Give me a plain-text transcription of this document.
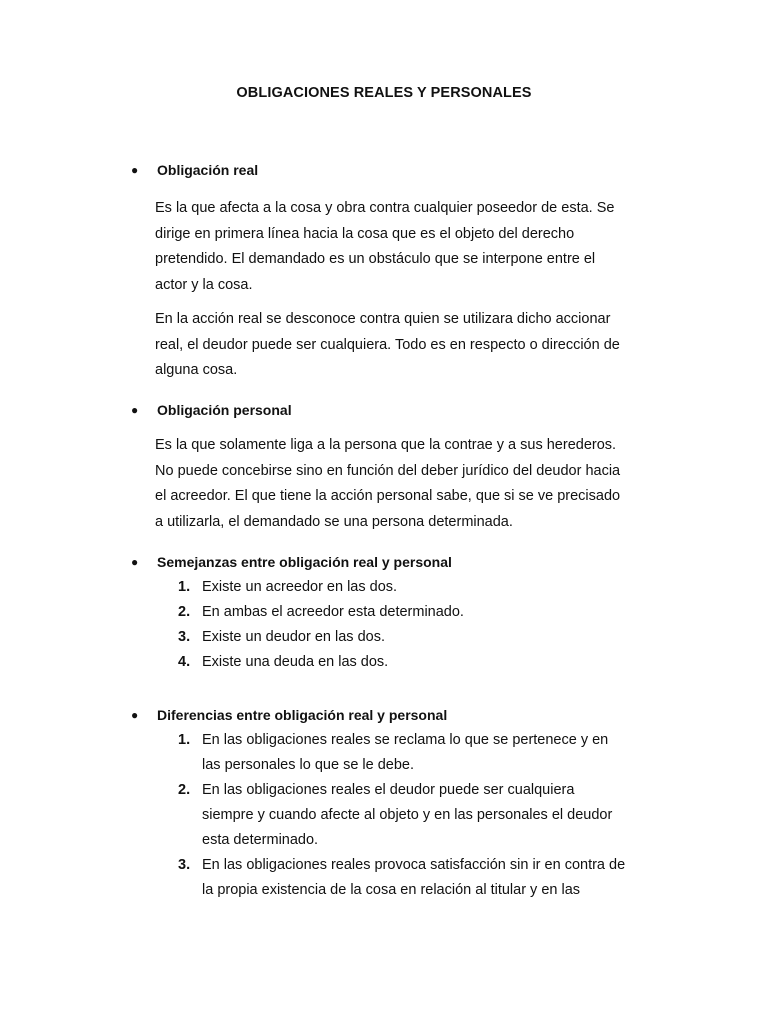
OBLIGACIONES REALES Y PERSONALES
● Obligación real
Es la que afecta a la cosa y obra contra cualquier poseedor de esta. Se
dirige en primera línea hacia la cosa que es el objeto del derecho
pretendido. El demandado es un obstáculo que se interpone entre el
actor y la cosa.
En la acción real se desconoce contra quien se utilizara dicho accionar
real, el deudor puede ser cualquiera. Todo es en respecto o dirección de
alguna cosa.
● Obligación personal
Es la que solamente liga a la persona que la contrae y a sus herederos.
No puede concebirse sino en función del deber jurídico del deudor hacia
el acreedor. El que tiene la acción personal sabe, que si se ve precisado
a utilizarla, el demandado se una persona determinada.
● Semejanzas entre obligación real y personal
1. Existe un acreedor en las dos.
2. En ambas el acreedor esta determinado.
3. Existe un deudor en las dos.
4. Existe una deuda en las dos.
● Diferencias entre obligación real y personal
1. En las obligaciones reales se reclama lo que se pertenece y en
las personales lo que se le debe.
2. En las obligaciones reales el deudor puede ser cualquiera
siempre y cuando afecte al objeto y en las personales el deudor
esta determinado.
3. En las obligaciones reales provoca satisfacción sin ir en contra de
la propia existencia de la cosa en relación al titular y en las
